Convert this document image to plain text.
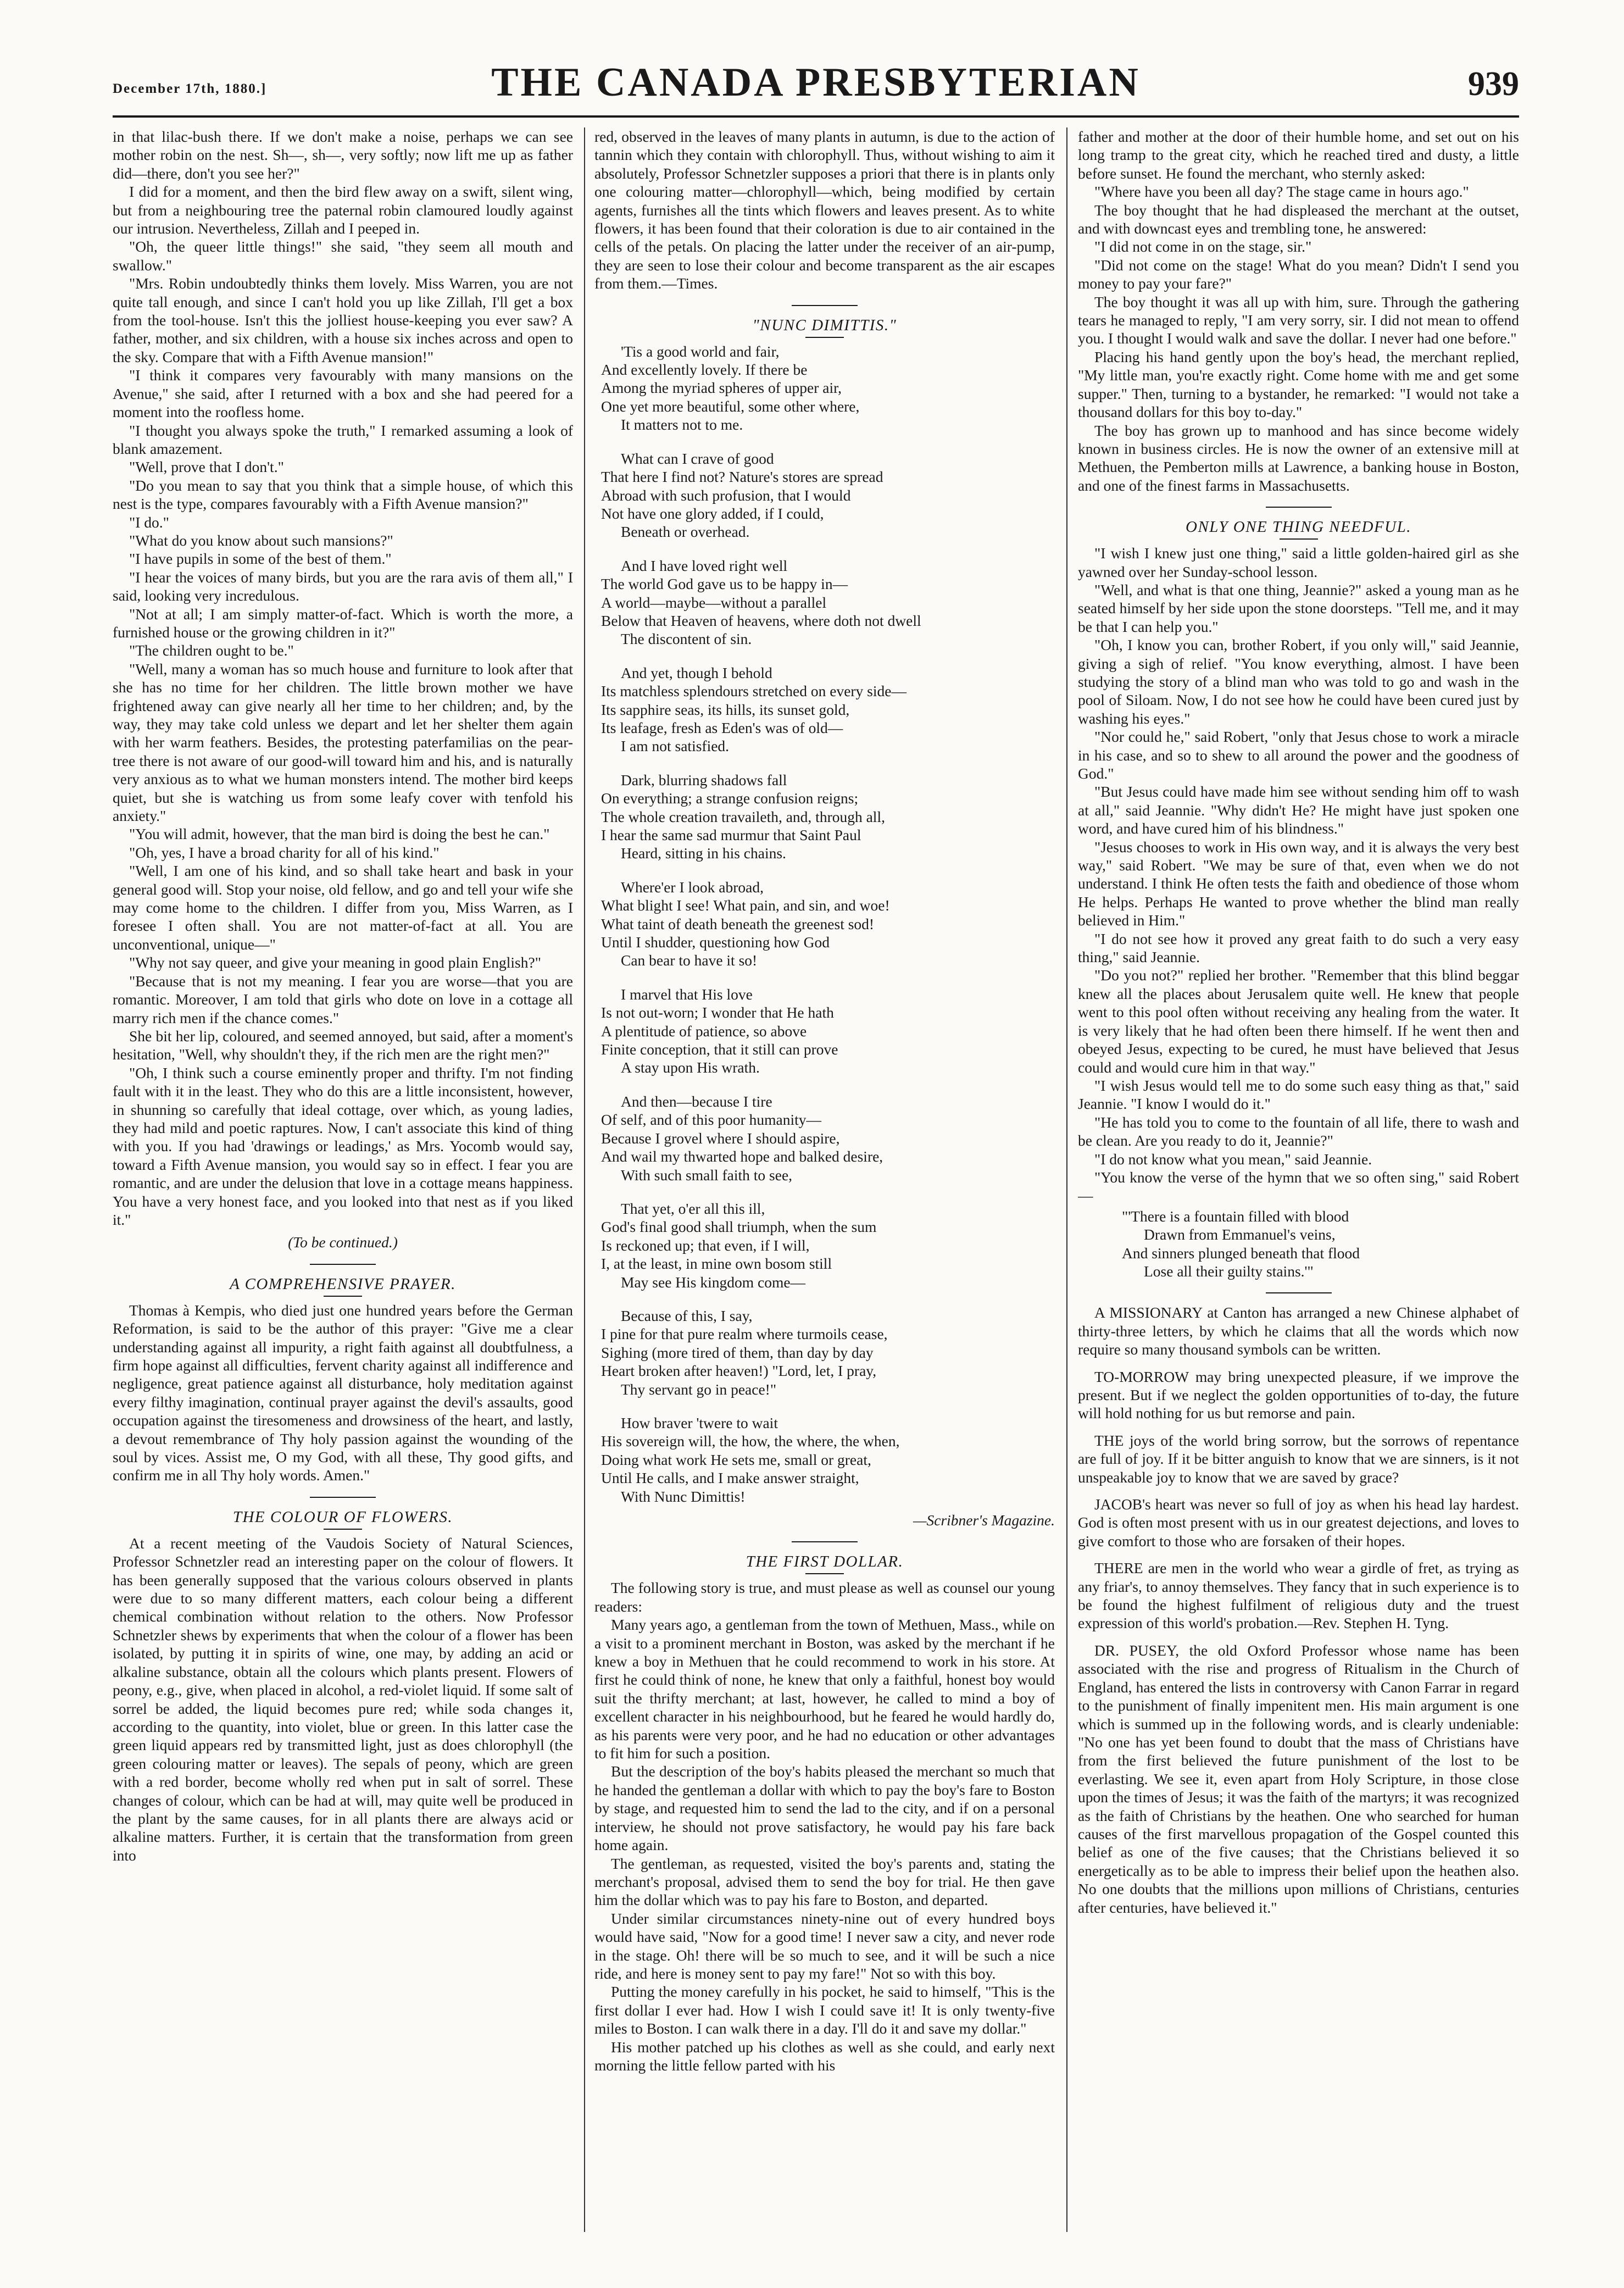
December 17th, 1880.]	THE CANADA PRESBYTERIAN	939

in that lilac-bush there. If we don't make a noise, perhaps we can see mother robin on the nest. Sh—, sh—, very softly; now lift me up as father did—there, don't you see her?"

I did for a moment, and then the bird flew away on a swift, silent wing, but from a neighbouring tree the paternal robin clamoured loudly against our intrusion. Nevertheless, Zillah and I peeped in.

"Oh, the queer little things!" she said, "they seem all mouth and swallow."

"Mrs. Robin undoubtedly thinks them lovely. Miss Warren, you are not quite tall enough, and since I can't hold you up like Zillah, I'll get a box from the tool-house. Isn't this the jolliest house-keeping you ever saw? A father, mother, and six children, with a house six inches across and open to the sky. Compare that with a Fifth Avenue mansion!"

"I think it compares very favourably with many mansions on the Avenue," she said, after I returned with a box and she had peered for a moment into the roofless home.

"I thought you always spoke the truth," I remarked assuming a look of blank amazement.

"Well, prove that I don't."

"Do you mean to say that you think that a simple house, of which this nest is the type, compares favourably with a Fifth Avenue mansion?"

"I do."

"What do you know about such mansions?"

"I have pupils in some of the best of them."

"I hear the voices of many birds, but you are the rara avis of them all," I said, looking very incredulous.

"Not at all; I am simply matter-of-fact. Which is worth the more, a furnished house or the growing children in it?"

"The children ought to be."

"Well, many a woman has so much house and furniture to look after that she has no time for her children. The little brown mother we have frightened away can give nearly all her time to her children; and, by the way, they may take cold unless we depart and let her shelter them again with her warm feathers. Besides, the protesting paterfamilias on the pear-tree there is not aware of our good-will toward him and his, and is naturally very anxious as to what we human monsters intend. The mother bird keeps quiet, but she is watching us from some leafy cover with tenfold his anxiety."

"You will admit, however, that the man bird is doing the best he can."

"Oh, yes, I have a broad charity for all of his kind."

"Well, I am one of his kind, and so shall take heart and bask in your general good will. Stop your noise, old fellow, and go and tell your wife she may come home to the children. I differ from you, Miss Warren, as I foresee I often shall. You are not matter-of-fact at all. You are unconventional, unique—"

"Why not say queer, and give your meaning in good plain English?"

"Because that is not my meaning. I fear you are worse—that you are romantic. Moreover, I am told that girls who dote on love in a cottage all marry rich men if the chance comes."

She bit her lip, coloured, and seemed annoyed, but said, after a moment's hesitation, "Well, why shouldn't they, if the rich men are the right men?"

"Oh, I think such a course eminently proper and thrifty. I'm not finding fault with it in the least. They who do this are a little inconsistent, however, in shunning so carefully that ideal cottage, over which, as young ladies, they had mild and poetic raptures. Now, I can't associate this kind of thing with you. If you had 'drawings or leadings,' as Mrs. Yocomb would say, toward a Fifth Avenue mansion, you would say so in effect. I fear you are romantic, and are under the delusion that love in a cottage means happiness. You have a very honest face, and you looked into that nest as if you liked it."

(To be continued.)
A COMPREHENSIVE PRAYER.

Thomas à Kempis, who died just one hundred years before the German Reformation, is said to be the author of this prayer: "Give me a clear understanding against all impurity, a right faith against all doubtfulness, a firm hope against all difficulties, fervent charity against all indifference and negligence, great patience against all disturbance, holy meditation against every filthy imagination, continual prayer against the devil's assaults, good occupation against the tiresomeness and drowsiness of the heart, and lastly, a devout remembrance of Thy holy passion against the wounding of the soul by vices. Assist me, O my God, with all these, Thy good gifts, and confirm me in all Thy holy words. Amen."

THE COLOUR OF FLOWERS.

At a recent meeting of the Vaudois Society of Natural Sciences, Professor Schnetzler read an interesting paper on the colour of flowers. It has been generally supposed that the various colours observed in plants were due to so many different matters, each colour being a different chemical combination without relation to the others. Now Professor Schnetzler shews by experiments that when the colour of a flower has been isolated, by putting it in spirits of wine, one may, by adding an acid or alkaline substance, obtain all the colours which plants present. Flowers of peony, e.g., give, when placed in alcohol, a red-violet liquid. If some salt of sorrel be added, the liquid becomes pure red; while soda changes it, according to the quantity, into violet, blue or green. In this latter case the green liquid appears red by transmitted light, just as does chlorophyll (the green colouring matter or leaves). The sepals of peony, which are green with a red border, become wholly red when put in salt of sorrel. These changes of colour, which can be had at will, may quite well be produced in the plant by the same causes, for in all plants there are always acid or alkaline matters. Further, it is certain that the transformation from green into

red, observed in the leaves of many plants in autumn, is due to the action of tannin which they contain with chlorophyll. Thus, without wishing to aim it absolutely, Professor Schnetzler supposes a priori that there is in plants only one colouring matter—chlorophyll—which, being modified by certain agents, furnishes all the tints which flowers and leaves present. As to white flowers, it has been found that their coloration is due to air contained in the cells of the petals. On placing the latter under the receiver of an air-pump, they are seen to lose their colour and become transparent as the air escapes from them.—Times.

"NUNC DIMITTIS."
'Tis a good world and fair,
And excellently lovely. If there be
Among the myriad spheres of upper air,
One yet more beautiful, some other where,
It matters not to me.
What can I crave of good
That here I find not? Nature's stores are spread
Abroad with such profusion, that I would
Not have one glory added, if I could,
Beneath or overhead.
And I have loved right well
The world God gave us to be happy in—
A world—maybe—without a parallel
Below that Heaven of heavens, where doth not dwell
The discontent of sin.
And yet, though I behold
Its matchless splendours stretched on every side—
Its sapphire seas, its hills, its sunset gold,
Its leafage, fresh as Eden's was of old—
I am not satisfied.
Dark, blurring shadows fall
On everything; a strange confusion reigns;
The whole creation travaileth, and, through all,
I hear the same sad murmur that Saint Paul
Heard, sitting in his chains.
Where'er I look abroad,
What blight I see! What pain, and sin, and woe!
What taint of death beneath the greenest sod!
Until I shudder, questioning how God
Can bear to have it so!
I marvel that His love
Is not out-worn; I wonder that He hath
A plentitude of patience, so above
Finite conception, that it still can prove
A stay upon His wrath.
And then—because I tire
Of self, and of this poor humanity—
Because I grovel where I should aspire,
And wail my thwarted hope and balked desire,
With such small faith to see,
That yet, o'er all this ill,
God's final good shall triumph, when the sum
Is reckoned up; that even, if I will,
I, at the least, in mine own bosom still
May see His kingdom come—
Because of this, I say,
I pine for that pure realm where turmoils cease,
Sighing (more tired of them, than day by day
Heart broken after heaven!) "Lord, let, I pray,
Thy servant go in peace!"
How braver 'twere to wait
His sovereign will, the how, the where, the when,
Doing what work He sets me, small or great,
Until He calls, and I make answer straight,
With Nunc Dimittis!
—Scribner's Magazine.
THE FIRST DOLLAR.

The following story is true, and must please as well as counsel our young readers:

Many years ago, a gentleman from the town of Methuen, Mass., while on a visit to a prominent merchant in Boston, was asked by the merchant if he knew a boy in Methuen that he could recommend to work in his store. At first he could think of none, he knew that only a faithful, honest boy would suit the thrifty merchant; at last, however, he called to mind a boy of excellent character in his neighbourhood, but he feared he would hardly do, as his parents were very poor, and he had no education or other advantages to fit him for such a position.

But the description of the boy's habits pleased the merchant so much that he handed the gentleman a dollar with which to pay the boy's fare to Boston by stage, and requested him to send the lad to the city, and if on a personal interview, he should not prove satisfactory, he would pay his fare back home again.

The gentleman, as requested, visited the boy's parents and, stating the merchant's proposal, advised them to send the boy for trial. He then gave him the dollar which was to pay his fare to Boston, and departed.

Under similar circumstances ninety-nine out of every hundred boys would have said, "Now for a good time! I never saw a city, and never rode in the stage. Oh! there will be so much to see, and it will be such a nice ride, and here is money sent to pay my fare!" Not so with this boy.

Putting the money carefully in his pocket, he said to himself, "This is the first dollar I ever had. How I wish I could save it! It is only twenty-five miles to Boston. I can walk there in a day. I'll do it and save my dollar."

His mother patched up his clothes as well as she could, and early next morning the little fellow parted with his

father and mother at the door of their humble home, and set out on his long tramp to the great city, which he reached tired and dusty, a little before sunset. He found the merchant, who sternly asked:

"Where have you been all day? The stage came in hours ago."

The boy thought that he had displeased the merchant at the outset, and with downcast eyes and trembling tone, he answered:

"I did not come in on the stage, sir."

"Did not come on the stage! What do you mean? Didn't I send you money to pay your fare?"

The boy thought it was all up with him, sure. Through the gathering tears he managed to reply, "I am very sorry, sir. I did not mean to offend you. I thought I would walk and save the dollar. I never had one before."

Placing his hand gently upon the boy's head, the merchant replied, "My little man, you're exactly right. Come home with me and get some supper." Then, turning to a bystander, he remarked: "I would not take a thousand dollars for this boy to-day."

The boy has grown up to manhood and has since become widely known in business circles. He is now the owner of an extensive mill at Methuen, the Pemberton mills at Lawrence, a banking house in Boston, and one of the finest farms in Massachusetts.

ONLY ONE THING NEEDFUL.

"I wish I knew just one thing," said a little golden-haired girl as she yawned over her Sunday-school lesson.

"Well, and what is that one thing, Jeannie?" asked a young man as he seated himself by her side upon the stone doorsteps. "Tell me, and it may be that I can help you."

"Oh, I know you can, brother Robert, if you only will," said Jeannie, giving a sigh of relief. "You know everything, almost. I have been studying the story of a blind man who was told to go and wash in the pool of Siloam. Now, I do not see how he could have been cured just by washing his eyes."

"Nor could he," said Robert, "only that Jesus chose to work a miracle in his case, and so to shew to all around the power and the goodness of God."

"But Jesus could have made him see without sending him off to wash at all," said Jeannie. "Why didn't He? He might have just spoken one word, and have cured him of his blindness."

"Jesus chooses to work in His own way, and it is always the very best way," said Robert. "We may be sure of that, even when we do not understand. I think He often tests the faith and obedience of those whom He helps. Perhaps He wanted to prove whether the blind man really believed in Him."

"I do not see how it proved any great faith to do such a very easy thing," said Jeannie.

"Do you not?" replied her brother. "Remember that this blind beggar knew all the places about Jerusalem quite well. He knew that people went to this pool often without receiving any healing from the water. It is very likely that he had often been there himself. If he went then and obeyed Jesus, expecting to be cured, he must have believed that Jesus could and would cure him in that way."

"I wish Jesus would tell me to do some such easy thing as that," said Jeannie. "I know I would do it."

"He has told you to come to the fountain of all life, there to wash and be clean. Are you ready to do it, Jeannie?"

"I do not know what you mean," said Jeannie.

"You know the verse of the hymn that we so often sing," said Robert—

"'There is a fountain filled with blood
Drawn from Emmanuel's veins,
And sinners plunged beneath that flood
Lose all their guilty stains.'"

A MISSIONARY at Canton has arranged a new Chinese alphabet of thirty-three letters, by which he claims that all the words which now require so many thousand symbols can be written.

TO-MORROW may bring unexpected pleasure, if we improve the present. But if we neglect the golden opportunities of to-day, the future will hold nothing for us but remorse and pain.

THE joys of the world bring sorrow, but the sorrows of repentance are full of joy. If it be bitter anguish to know that we are sinners, is it not unspeakable joy to know that we are saved by grace?

JACOB's heart was never so full of joy as when his head lay hardest. God is often most present with us in our greatest dejections, and loves to give comfort to those who are forsaken of their hopes.

THERE are men in the world who wear a girdle of fret, as trying as any friar's, to annoy themselves. They fancy that in such experience is to be found the highest fulfilment of religious duty and the truest expression of this world's probation.—Rev. Stephen H. Tyng.

DR. PUSEY, the old Oxford Professor whose name has been associated with the rise and progress of Ritualism in the Church of England, has entered the lists in controversy with Canon Farrar in regard to the punishment of finally impenitent men. His main argument is one which is summed up in the following words, and is clearly undeniable: "No one has yet been found to doubt that the mass of Christians have from the first believed the future punishment of the lost to be everlasting. We see it, even apart from Holy Scripture, in those close upon the times of Jesus; it was the faith of the martyrs; it was recognized as the faith of Christians by the heathen. One who searched for human causes of the first marvellous propagation of the Gospel counted this belief as one of the five causes; that the Christians believed it so energetically as to be able to impress their belief upon the heathen also. No one doubts that the millions upon millions of Christians, centuries after centuries, have believed it."
